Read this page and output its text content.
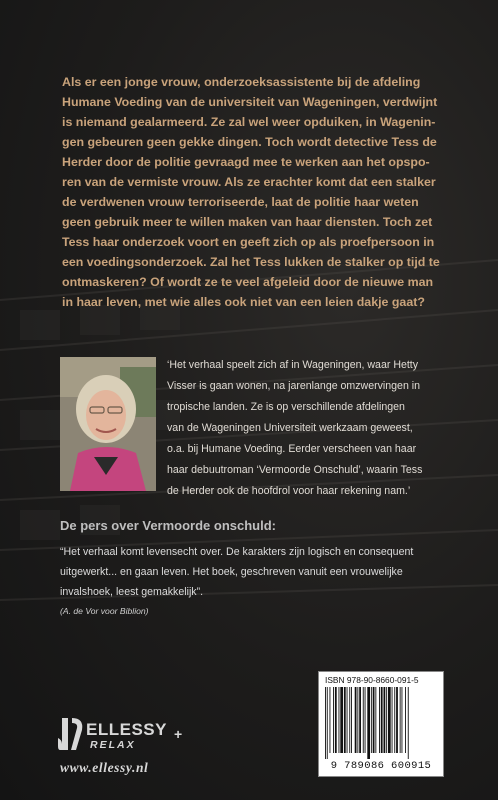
Als er een jonge vrouw, onderzoeksassistente bij de afdeling
Humane Voeding van de universiteit van Wageningen, verdwijnt
is niemand gealarmeerd. Ze zal wel weer opduiken, in Wagenin-
gen gebeuren geen gekke dingen. Toch wordt detective Tess de
Herder door de politie gevraagd mee te werken aan het opspo-
ren van de vermiste vrouw. Als ze erachter komt dat een stalker
de verdwenen vrouw terroriseerde, laat de politie haar weten
geen gebruik meer te willen maken van haar diensten. Toch zet
Tess haar onderzoek voort en geeft zich op als proefpersoon in
een voedingsonderzoek. Zal het Tess lukken de stalker op tijd te
ontmaskeren? Of wordt ze te veel afgeleid door de nieuwe man
in haar leven, met wie alles ook niet van een leien dakje gaat?

‘Het verhaal speelt zich af in Wageningen, waar Hetty
Visser is gaan wonen, na jarenlange omzwervingen in
tropische landen. Ze is op verschillende afdelingen
van de Wageningen Universiteit werkzaam geweest,
o.a. bij Humane Voeding. Eerder verscheen van haar
haar debuutroman ‘Vermoorde Onschuld’, waarin Tess
de Herder ook de hoofdrol voor haar rekening nam.’

De pers over Vermoorde onschuld:

“Het verhaal komt levensecht over. De karakters zijn logisch en consequent
uitgewerkt... en gaan leven. Het boek, geschreven vanuit een vrouwelijke
invalshoek, leest gemakkelijk”.

(A. de Vor voor Biblion)

ISBN 978-90-8660-091-5
9 789086 600915
ELLESSY +
RELAX
www.ellessy.nl
